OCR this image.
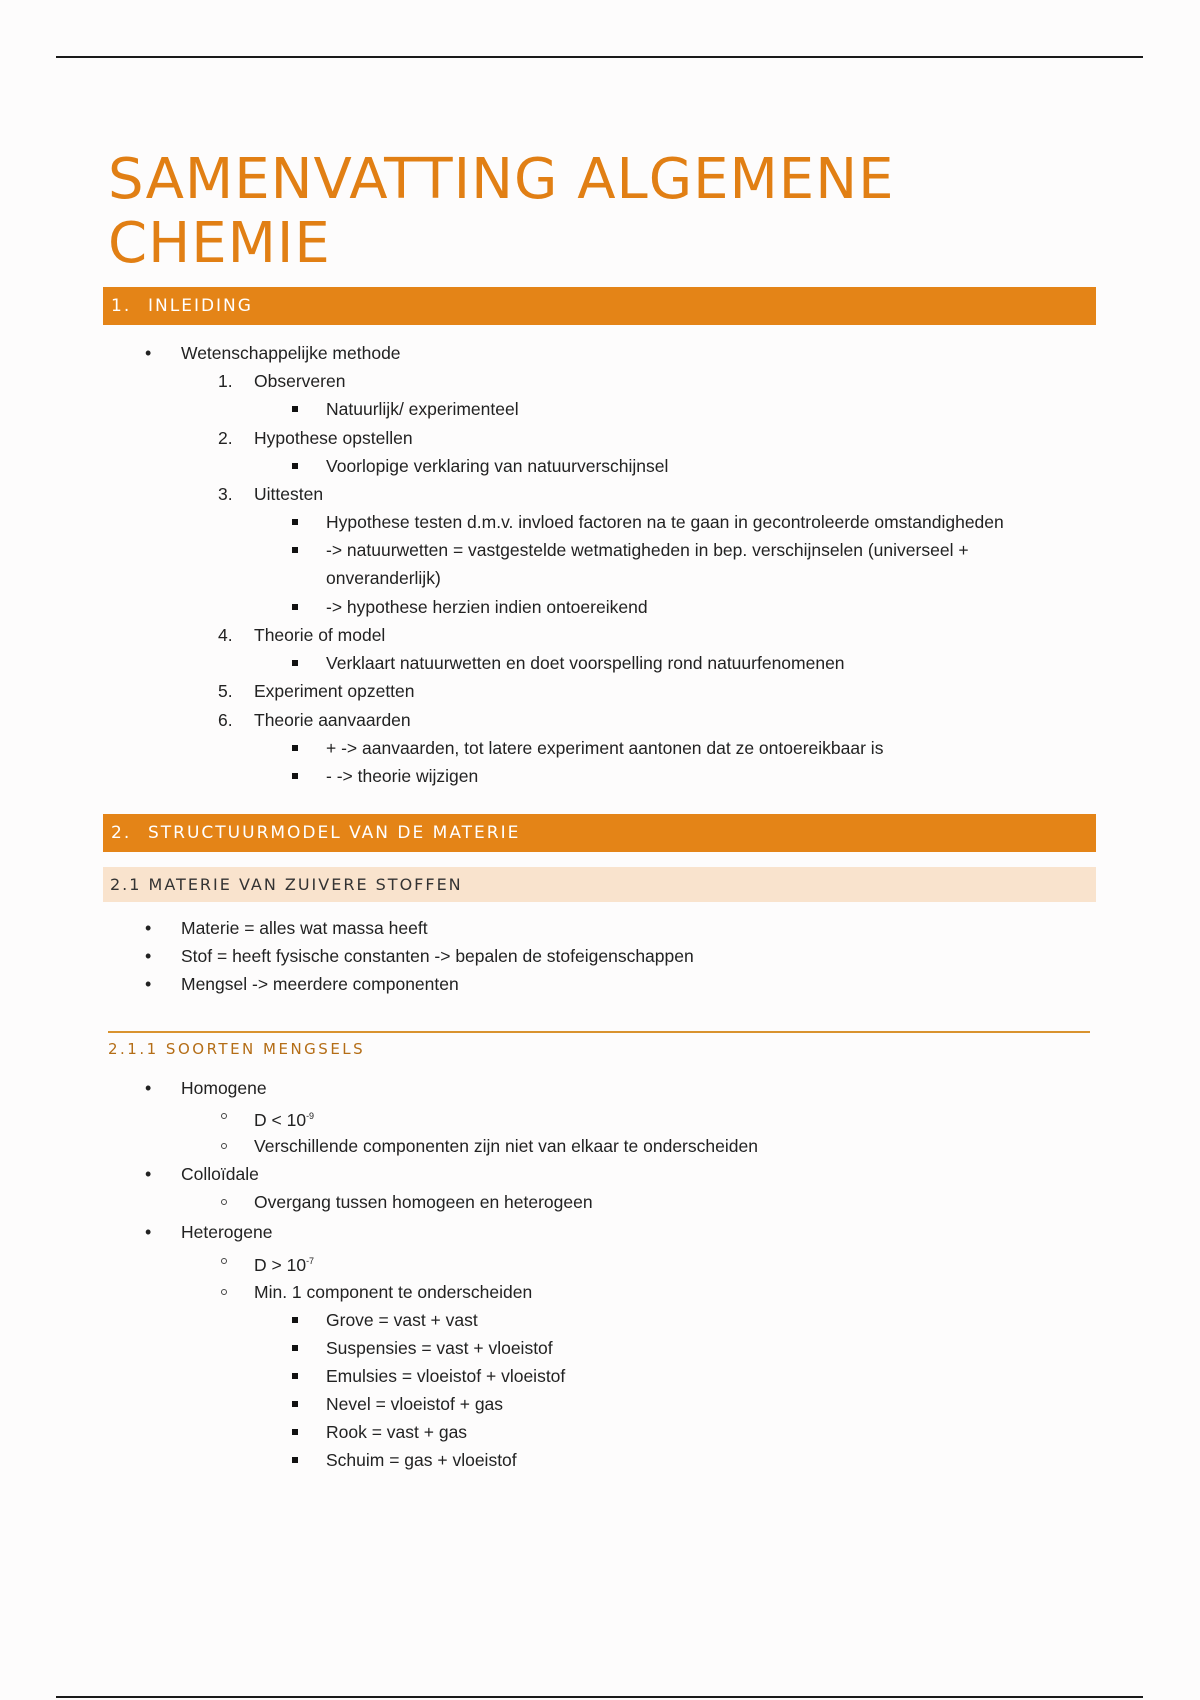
SAMENVATTING ALGEMENE
CHEMIE
1. INLEIDING
• Wetenschappelijke methode
1. Observeren
Natuurlijk/ experimenteel
2. Hypothese opstellen
Voorlopige verklaring van natuurverschijnsel
3. Uittesten
Hypothese testen d.m.v. invloed factoren na te gaan in gecontroleerde omstandigheden
-> natuurwetten = vastgestelde wetmatigheden in bep. verschijnselen (universeel +
onveranderlijk)
-> hypothese herzien indien ontoereikend
4. Theorie of model
Verklaart natuurwetten en doet voorspelling rond natuurfenomenen
5. Experiment opzetten
6. Theorie aanvaarden
+ -> aanvaarden, tot latere experiment aantonen dat ze ontoereikbaar is
- -> theorie wijzigen
2. STRUCTUURMODEL VAN DE MATERIE
2.1 MATERIE VAN ZUIVERE STOFFEN
• Materie = alles wat massa heeft
• Stof = heeft fysische constanten -> bepalen de stofeigenschappen
• Mengsel -> meerdere componenten
2.1.1 SOORTEN MENGSELS
• Homogene
$D < 10^{-9}$
Verschillende componenten zijn niet van elkaar te onderscheiden
• Colloïdale
Overgang tussen homogeen en heterogeen
• Heterogene
$D > 10^{-7}$
Min. 1 component te onderscheiden
Grove = vast + vast
Suspensies = vast + vloeistof
Emulsies = vloeistof + vloeistof
Nevel = vloeistof + gas
Rook = vast + gas
Schuim = gas + vloeistof
